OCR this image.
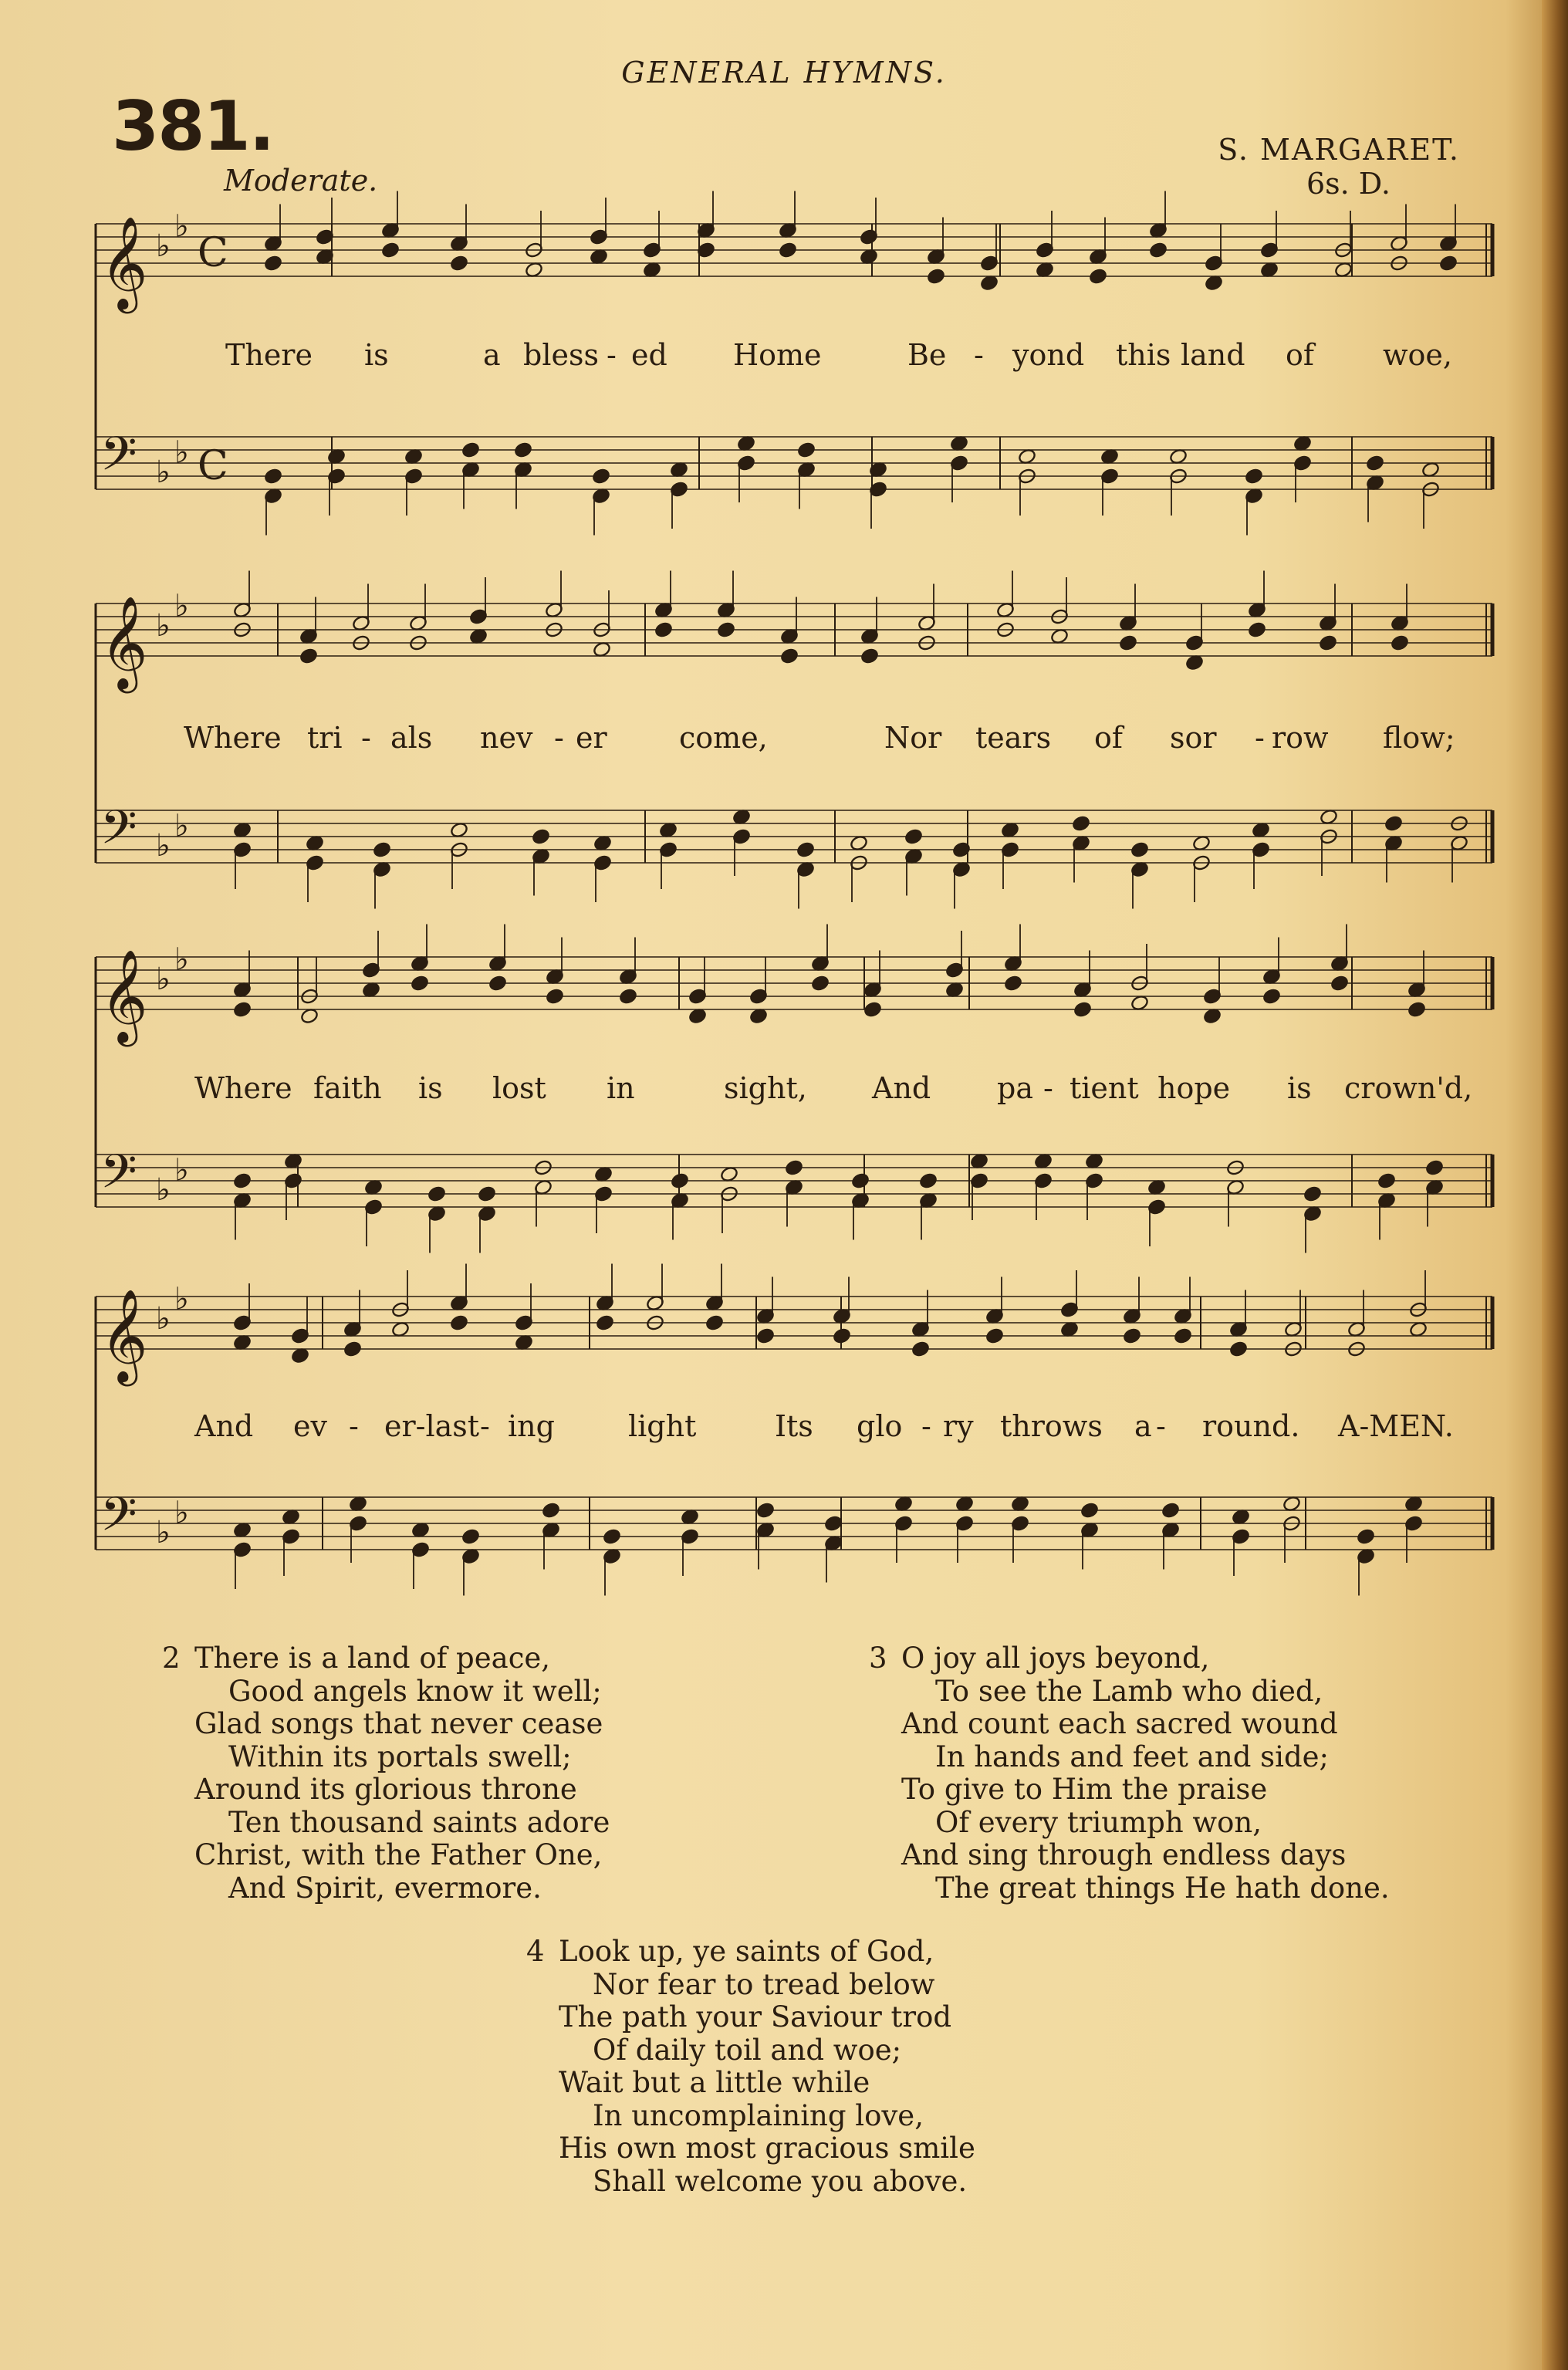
GENERAL HYMNS.
381.
Moderate.
S. MARGARET.
6s. D.
𝄞 ♭
♭
C
𝄢 ♭
♭ C
𝄞 ♭
♭
𝄢 ♭
♭
𝄞 ♭
♭
𝄢 ♭
♭
𝄞 ♭
♭
𝄢 ♭
♭
There is	a bless - ed Home	Be - yond this land of woe,
Where tri - als nev - er come,	Nor tears of sor - row flow;
Where faith is lost in	sight, And pa - tient hope is crown'd,
And ev - er-last - ing	light	Its glo - ry throws a - round. A-MEN.
2 There is a land of peace,
Good angels know it well;
Glad songs that never cease
Within its portals swell;
Around its glorious throne
Ten thousand saints adore
Christ, with the Father One,
And Spirit, evermore.
3 O joy all joys beyond,
To see the Lamb who died,
And count each sacred wound
In hands and feet and side;
To give to Him the praise
Of every triumph won,
And sing through endless days
The great things He hath done.
4 Look up, ye saints of God,
Nor fear to tread below
The path your Saviour trod
Of daily toil and woe;
Wait but a little while
In uncomplaining love,
His own most gracious smile
Shall welcome you above.
